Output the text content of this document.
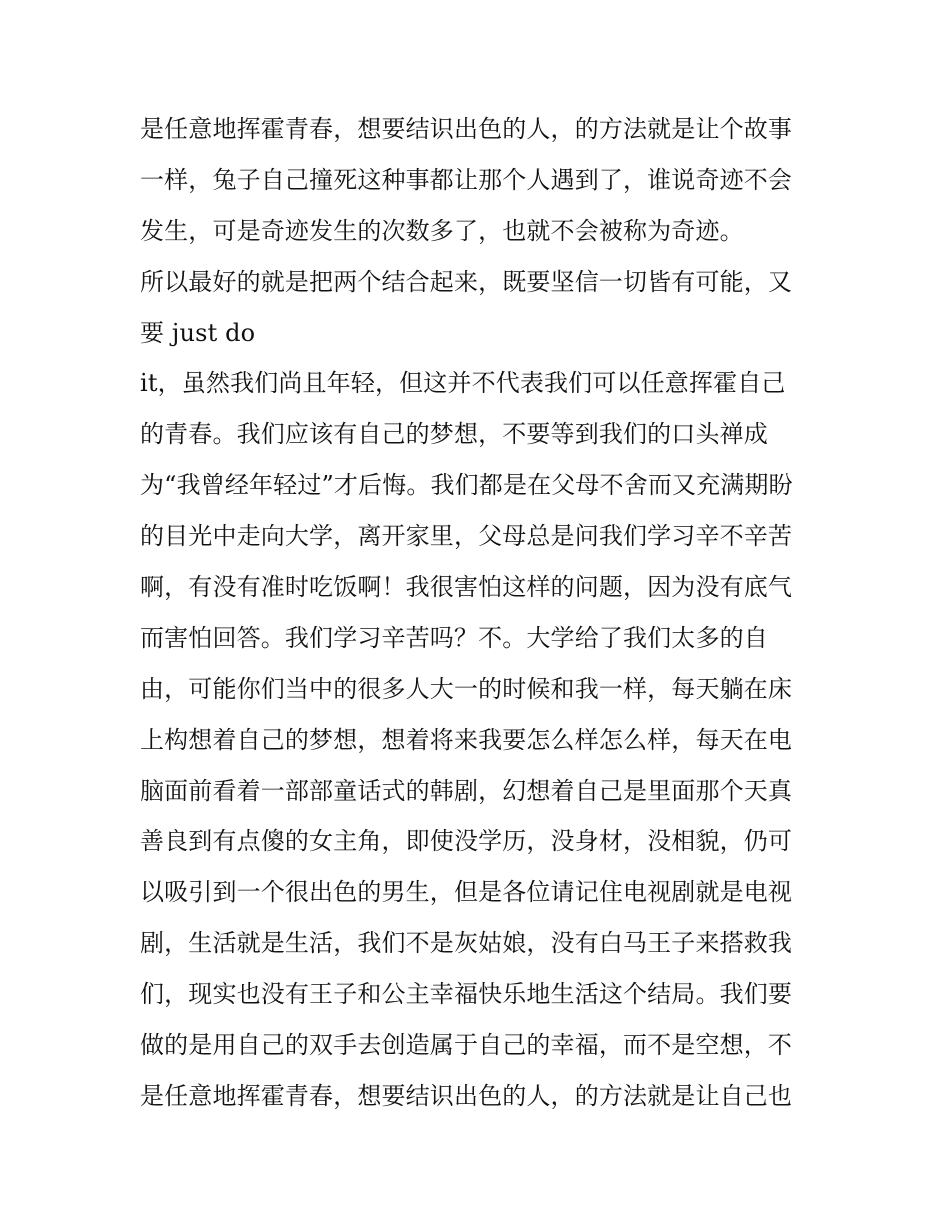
是任意地挥霍青春，想要结识出色的人，的方法就是让个故事
一样，兔子自己撞死这种事都让那个人遇到了，谁说奇迹不会
发生，可是奇迹发生的次数多了，也就不会被称为奇迹。
所以最好的就是把两个结合起来，既要坚信一切皆有可能，又
要 just do
it，虽然我们尚且年轻，但这并不代表我们可以任意挥霍自己
的青春。我们应该有自己的梦想，不要等到我们的口头禅成
为“我曾经年轻过”才后悔。我们都是在父母不舍而又充满期盼
的目光中走向大学，离开家里，父母总是问我们学习辛不辛苦
啊，有没有准时吃饭啊！我很害怕这样的问题，因为没有底气
而害怕回答。我们学习辛苦吗？不。大学给了我们太多的自
由，可能你们当中的很多人大一的时候和我一样，每天躺在床
上构想着自己的梦想，想着将来我要怎么样怎么样，每天在电
脑面前看着一部部童话式的韩剧，幻想着自己是里面那个天真
善良到有点傻的女主角，即使没学历，没身材，没相貌，仍可
以吸引到一个很出色的男生，但是各位请记住电视剧就是电视
剧，生活就是生活，我们不是灰姑娘，没有白马王子来搭救我
们，现实也没有王子和公主幸福快乐地生活这个结局。我们要
做的是用自己的双手去创造属于自己的幸福，而不是空想，不
是任意地挥霍青春，想要结识出色的人，的方法就是让自己也
